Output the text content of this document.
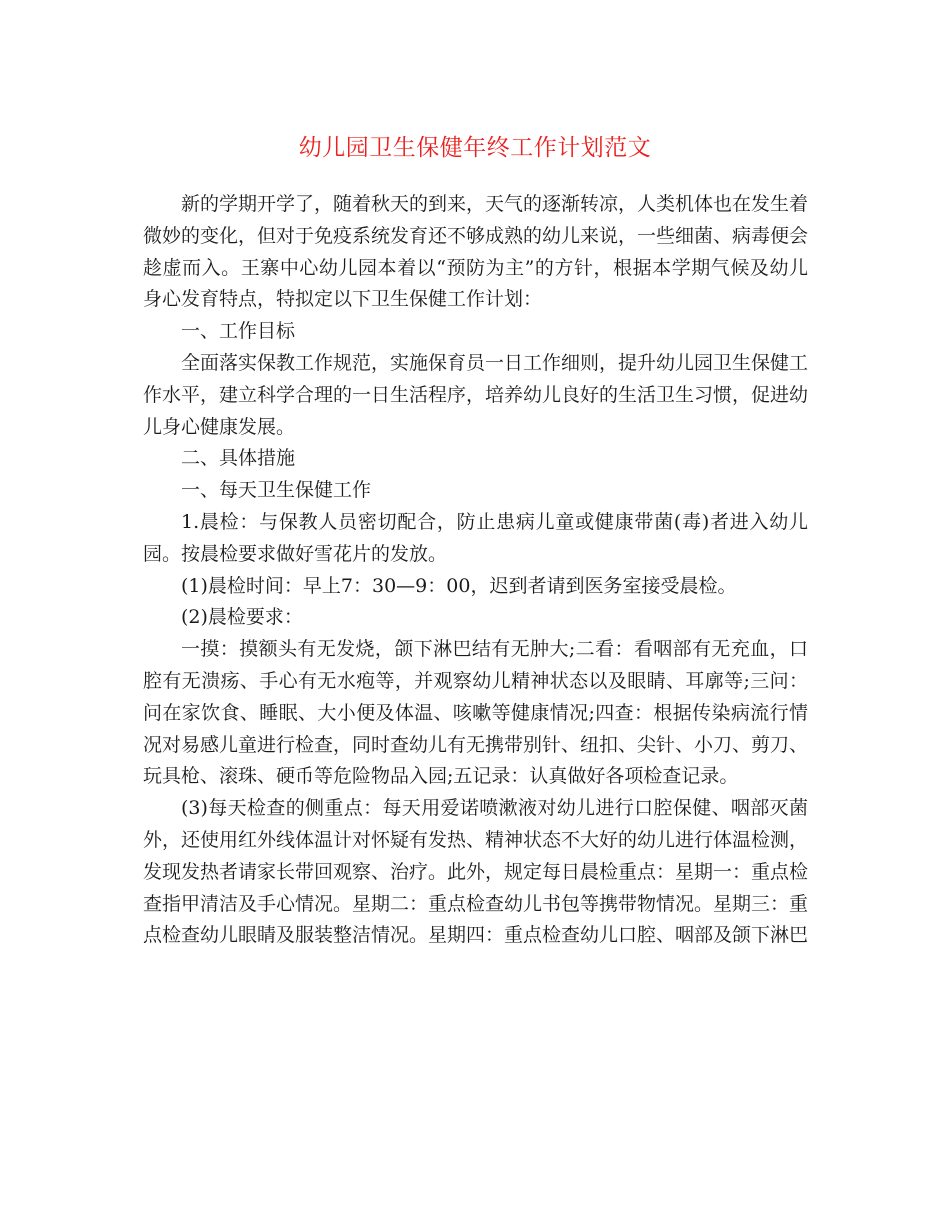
幼儿园卫生保健年终工作计划范文

新的学期开学了，随着秋天的到来，天气的逐渐转凉，人类机体也在发生着微妙的变化，但对于免疫系统发育还不够成熟的幼儿来说，一些细菌、病毒便会趁虚而入。王寨中心幼儿园本着以“预防为主”的方针，根据本学期气候及幼儿身心发育特点，特拟定以下卫生保健工作计划：

一、工作目标

全面落实保教工作规范，实施保育员一日工作细则，提升幼儿园卫生保健工作水平，建立科学合理的一日生活程序，培养幼儿良好的生活卫生习惯，促进幼儿身心健康发展。

二、具体措施

一、每天卫生保健工作

1.晨检：与保教人员密切配合，防止患病儿童或健康带菌(毒)者进入幼儿园。按晨检要求做好雪花片的发放。

(1)晨检时间：早上7：30—9：00，迟到者请到医务室接受晨检。

(2)晨检要求：

一摸：摸额头有无发烧，颌下淋巴结有无肿大;二看：看咽部有无充血，口腔有无溃疡、手心有无水疱等，并观察幼儿精神状态以及眼睛、耳廓等;三问：问在家饮食、睡眠、大小便及体温、咳嗽等健康情况;四查：根据传染病流行情况对易感儿童进行检查，同时查幼儿有无携带别针、纽扣、尖针、小刀、剪刀、玩具枪、滚珠、硬币等危险物品入园;五记录：认真做好各项检查记录。

(3)每天检查的侧重点：每天用爱诺喷漱液对幼儿进行口腔保健、咽部灭菌外，还使用红外线体温计对怀疑有发热、精神状态不大好的幼儿进行体温检测，发现发热者请家长带回观察、治疗。此外，规定每日晨检重点：星期一：重点检查指甲清洁及手心情况。星期二：重点检查幼儿书包等携带物情况。星期三：重点检查幼儿眼睛及服装整洁情况。星期四：重点检查幼儿口腔、咽部及颌下淋巴
